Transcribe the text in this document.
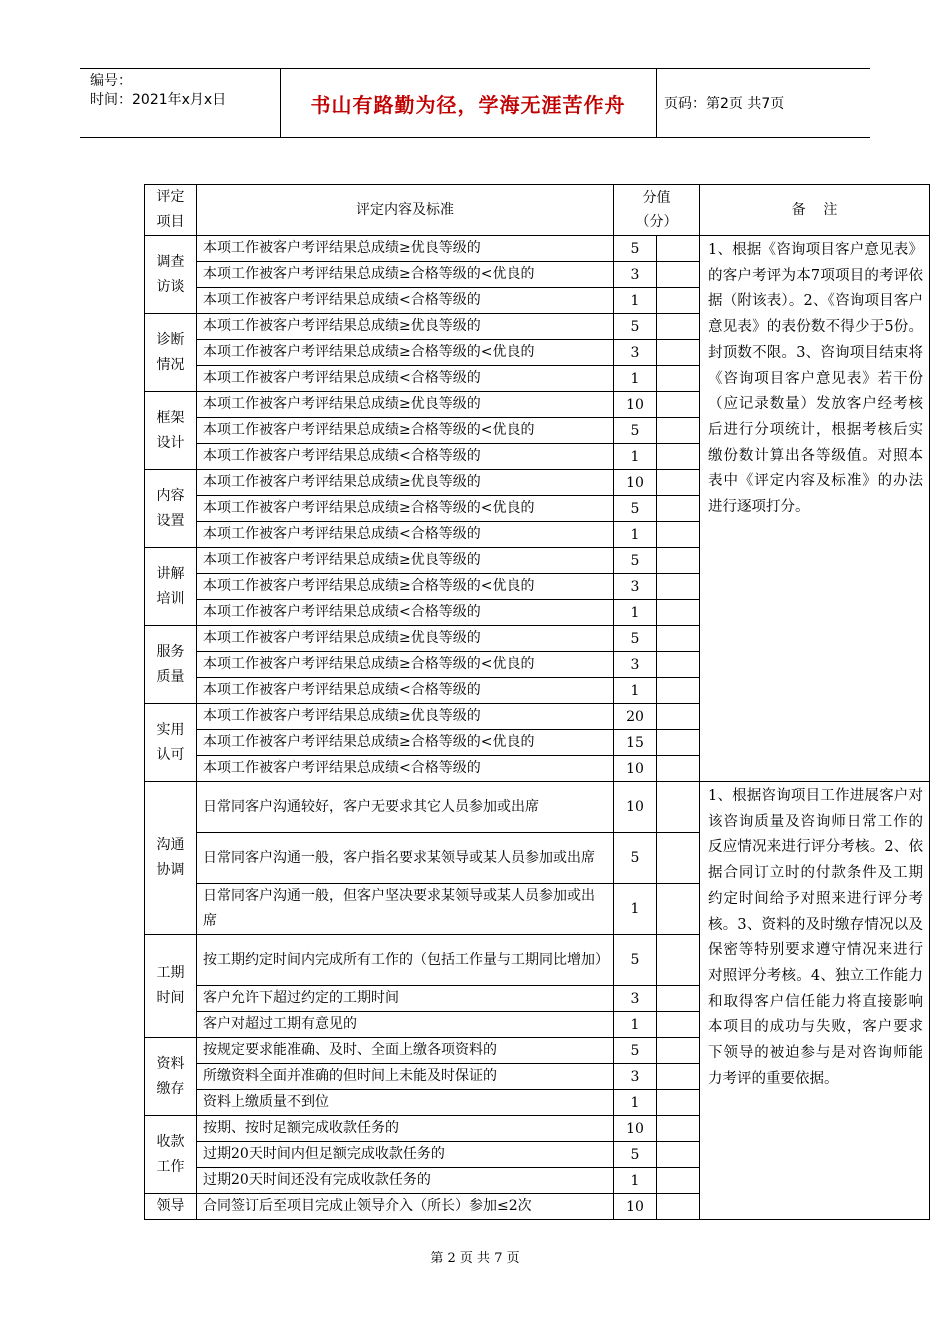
编号：
时间：2021年x月x日	书山有路勤为径，学海无涯苦作舟	页码：第2页 共7页
评定项目	评定内容及标准	分值（分）		备    注

调查访谈	本项工作被客户考评结果总成绩≥优良等级的	5		1、根据《咨询项目客户意见表》的客户考评为本7项项目的考评依据（附该表）。2、《咨询项目客户意见表》的表份数不得少于5份。封顶数不限。3、咨询项目结束将《咨询项目客户意见表》若干份（应记录数量）发放客户经考核后进行分项统计，根据考核后实缴份数计算出各等级值。对照本表中《评定内容及标准》的办法进行逐项打分。
	本项工作被客户考评结果总成绩≥合格等级的<优良的	3		
	本项工作被客户考评结果总成绩<合格等级的	1		

诊断情况	本项工作被客户考评结果总成绩≥优良等级的	5		
	本项工作被客户考评结果总成绩≥合格等级的<优良的	3		
	本项工作被客户考评结果总成绩<合格等级的	1		

框架设计	本项工作被客户考评结果总成绩≥优良等级的	10		
	本项工作被客户考评结果总成绩≥合格等级的<优良的	5		
	本项工作被客户考评结果总成绩<合格等级的	1		

内容设置	本项工作被客户考评结果总成绩≥优良等级的	10		
	本项工作被客户考评结果总成绩≥合格等级的<优良的	5		
	本项工作被客户考评结果总成绩<合格等级的	1		

讲解培训	本项工作被客户考评结果总成绩≥优良等级的	5		
	本项工作被客户考评结果总成绩≥合格等级的<优良的	3		
	本项工作被客户考评结果总成绩<合格等级的	1		

服务质量	本项工作被客户考评结果总成绩≥优良等级的	5		
	本项工作被客户考评结果总成绩≥合格等级的<优良的	3		
	本项工作被客户考评结果总成绩<合格等级的	1		

实用认可	本项工作被客户考评结果总成绩≥优良等级的	20		
	本项工作被客户考评结果总成绩≥合格等级的<优良的	15		
	本项工作被客户考评结果总成绩<合格等级的	10		

沟通协调	日常同客户沟通较好，客户无要求其它人员参加或出席	10		1、根据咨询项目工作进展客户对该咨询质量及咨询师日常工作的反应情况来进行评分考核。2、依据合同订立时的付款条件及工期约定时间给予对照来进行评分考核。3、资料的及时缴存情况以及保密等特别要求遵守情况来进行对照评分考核。4、独立工作能力和取得客户信任能力将直接影响本项目的成功与失败，客户要求下领导的被迫参与是对咨询师能力考评的重要依据。
	日常同客户沟通一般，客户指名要求某领导或某人员参加或出席	5		
	日常同客户沟通一般，但客户坚决要求某领导或某人员参加或出席	1		

工期时间	按工期约定时间内完成所有工作的（包括工作量与工期同比增加）	5		
	客户允许下超过约定的工期时间	3		
	客户对超过工期有意见的	1		

资料缴存	按规定要求能准确、及时、全面上缴各项资料的	5		
	所缴资料全面并准确的但时间上未能及时保证的	3		
	资料上缴质量不到位	1		

收款工作	按期、按时足额完成收款任务的	10		
	过期20天时间内但足额完成收款任务的	5		
	过期20天时间还没有完成收款任务的	1		

领导	合同签订后至项目完成止领导介入（所长）参加≤2次	10		
第 2 页 共 7 页
